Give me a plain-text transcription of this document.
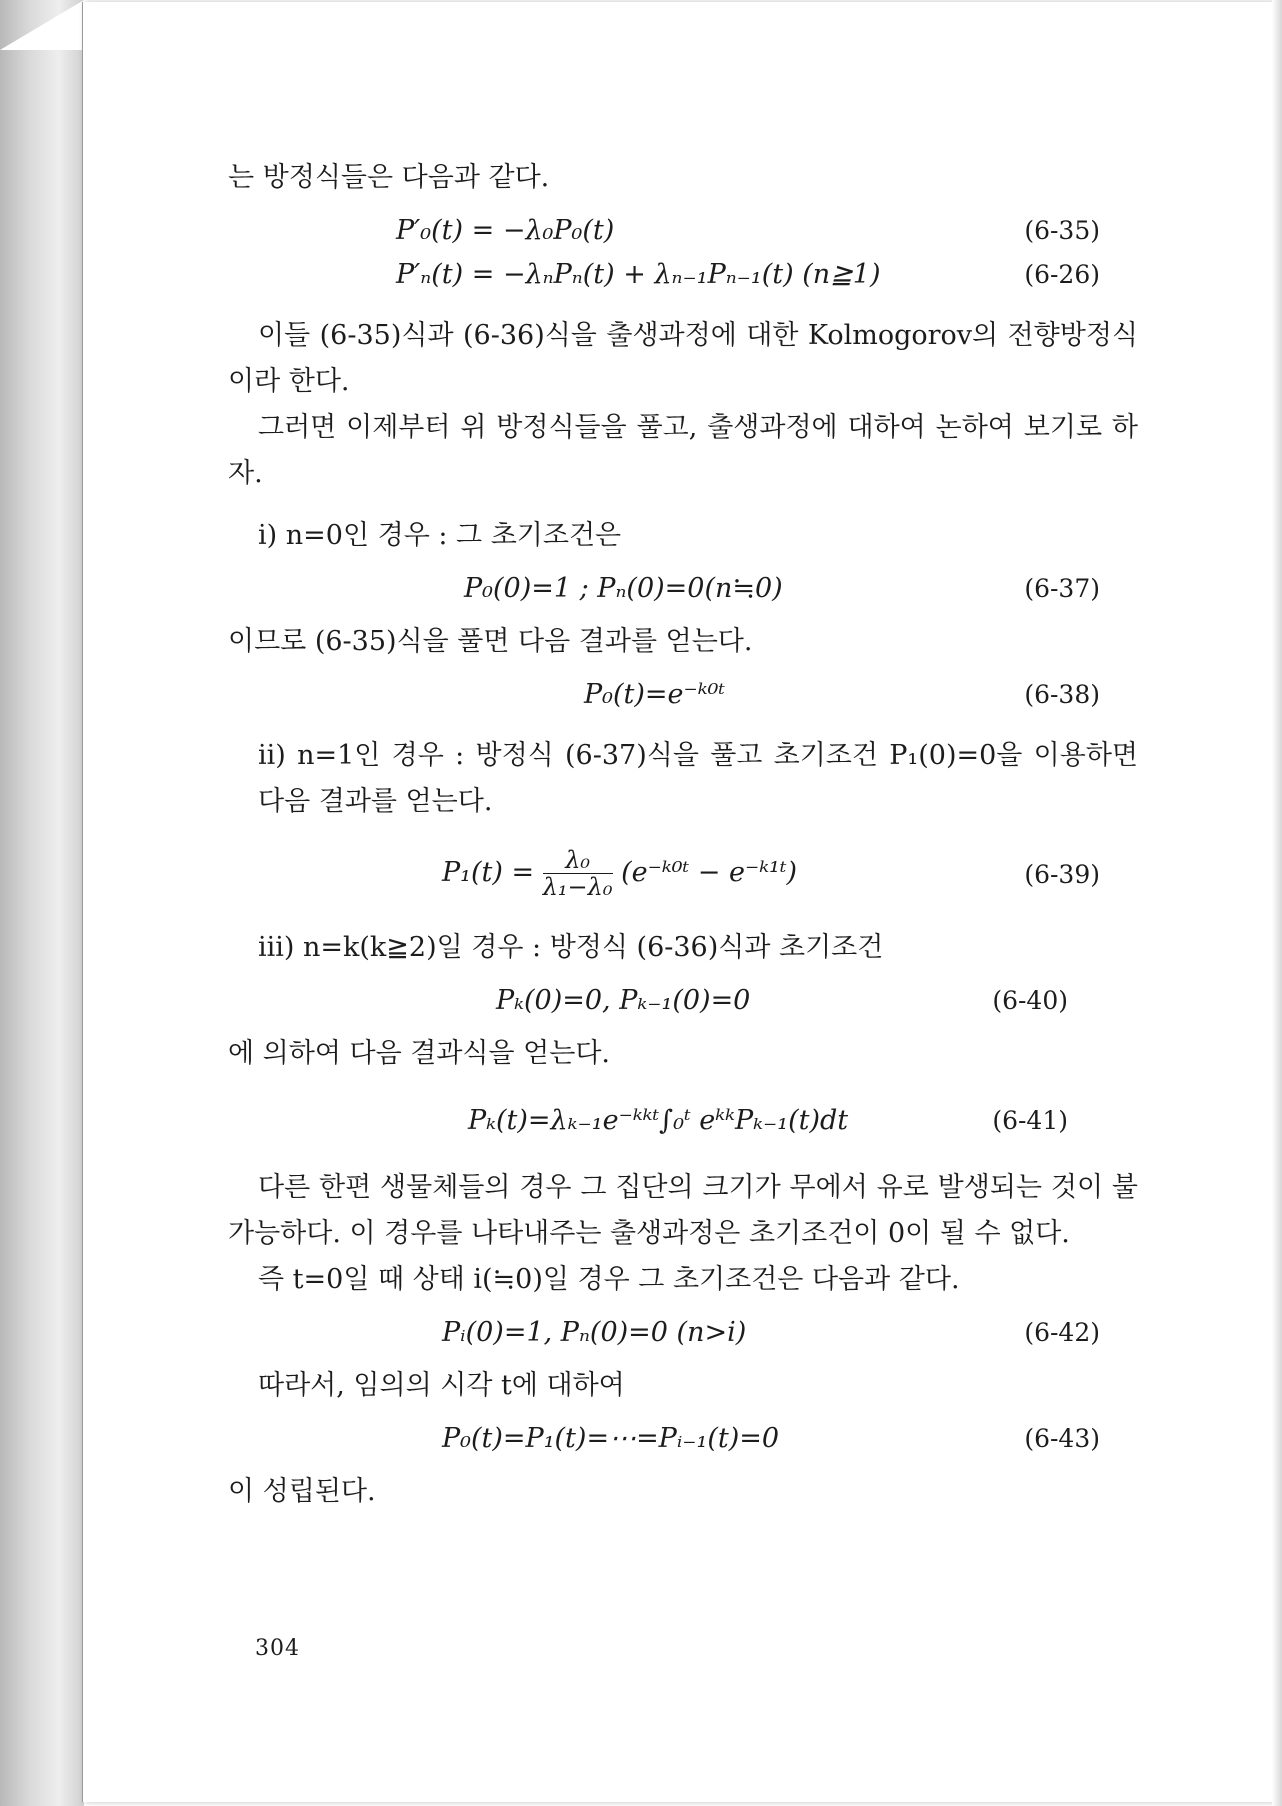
는 방정식들은 다음과 같다.

P′₀(t) = −λ₀P₀(t)	(6-35)
P′ₙ(t) = −λₙPₙ(t) + λₙ₋₁Pₙ₋₁(t) (n≧1)	(6-26)

이들 (6-35)식과 (6-36)식을 출생과정에 대한 Kolmogorov의 전향방정식이라 한다.

그러면 이제부터 위 방정식들을 풀고, 출생과정에 대하여 논하여 보기로 하자.

i) n=0인 경우 : 그 초기조건은

P₀(0)=1 ; Pₙ(0)=0(n≒0)	(6-37)

이므로 (6-35)식을 풀면 다음 결과를 얻는다.

P₀(t)=e⁻ᵏ⁰ᵗ	(6-38)

ii) n=1인 경우 : 방정식 (6-37)식을 풀고 초기조건 P₁(0)=0을 이용하면 다음 결과를 얻는다.

$P_1(t) = \frac{\text{λ₀}}{\text{λ₁−λ₀}}$ (e⁻ᵏ⁰ᵗ − e⁻ᵏ¹ᵗ)	(6-39)

iii) n=k(k≧2)일 경우 : 방정식 (6-36)식과 초기조건

Pₖ(0)=0, Pₖ₋₁(0)=0	(6-40)

에 의하여 다음 결과식을 얻는다.

Pₖ(t)=λₖ₋₁e⁻ᵏᵏᵗ∫₀ᵗ eᵏᵏPₖ₋₁(t)dt	(6-41)

다른 한편 생물체들의 경우 그 집단의 크기가 무에서 유로 발생되는 것이 불가능하다. 이 경우를 나타내주는 출생과정은 초기조건이 0이 될 수 없다.

즉 t=0일 때 상태 i(≒0)일 경우 그 초기조건은 다음과 같다.

Pᵢ(0)=1, Pₙ(0)=0 (n>i)	(6-42)

따라서, 임의의 시각 t에 대하여

P₀(t)=P₁(t)=⋯=Pᵢ₋₁(t)=0	(6-43)

이 성립된다.

304
